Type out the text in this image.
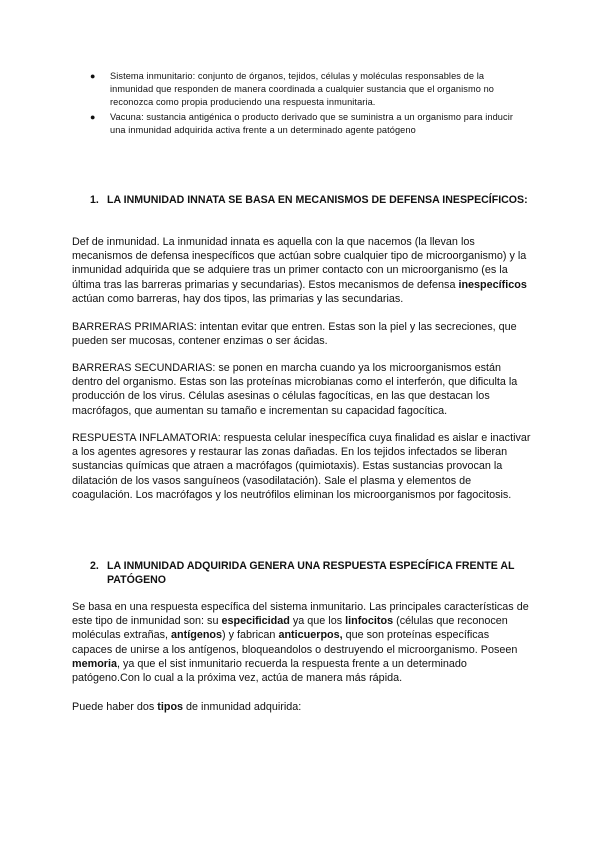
● Sistema inmunitario: conjunto de órganos, tejidos, células y moléculas responsables de la inmunidad que responden de manera coordinada a cualquier sustancia que el organismo no reconozca como propia produciendo una respuesta inmunitaria.
● Vacuna: sustancia antigénica o producto derivado que se suministra a un organismo para inducir una inmunidad adquirida activa frente a un determinado agente patógeno
1. LA INMUNIDAD INNATA SE BASA EN MECANISMOS DE DEFENSA INESPECÍFICOS:

Def de inmunidad. La inmunidad innata es aquella con la que nacemos (la llevan los mecanismos de defensa inespecíficos que actúan sobre cualquier tipo de microorganismo) y la inmunidad adquirida que se adquiere tras un primer contacto con un microorganismo (es la última tras las barreras primarias y secundarias). Estos mecanismos de defensa inespecíficos actúan como barreras, hay dos tipos, las primarias y las secundarias.

BARRERAS PRIMARIAS: intentan evitar que entren. Estas son la piel y las secreciones, que pueden ser mucosas, contener enzimas o ser ácidas.

BARRERAS SECUNDARIAS: se ponen en marcha cuando ya los microorganismos están dentro del organismo. Estas son las proteínas microbianas como el interferón, que dificulta la producción de los virus. Células asesinas o células fagocíticas, en las que destacan los macrófagos, que aumentan su tamaño e incrementan su capacidad fagocítica.

RESPUESTA INFLAMATORIA: respuesta celular inespecífica cuya finalidad es aislar e inactivar a los agentes agresores y restaurar las zonas dañadas. En los tejidos infectados se liberan sustancias químicas que atraen a macrófagos (quimiotaxis). Estas sustancias provocan la dilatación de los vasos sanguíneos (vasodilatación). Sale el plasma y elementos de coagulación. Los macrófagos y los neutrófilos eliminan los microorganismos por fagocitosis.

2. LA INMUNIDAD ADQUIRIDA GENERA UNA RESPUESTA ESPECÍFICA FRENTE AL PATÓGENO

Se basa en una respuesta específica del sistema inmunitario. Las principales características de este tipo de inmunidad son: su especificidad ya que los linfocitos (células que reconocen moléculas extrañas, antígenos) y fabrican anticuerpos, que son proteínas específicas capaces de unirse a los antígenos, bloqueandolos o destruyendo el microorganismo. Poseen memoria, ya que el sist inmunitario recuerda la respuesta frente a un determinado patógeno.Con lo cual a la próxima vez, actúa de manera más rápida.

Puede haber dos tipos de inmunidad adquirida:
